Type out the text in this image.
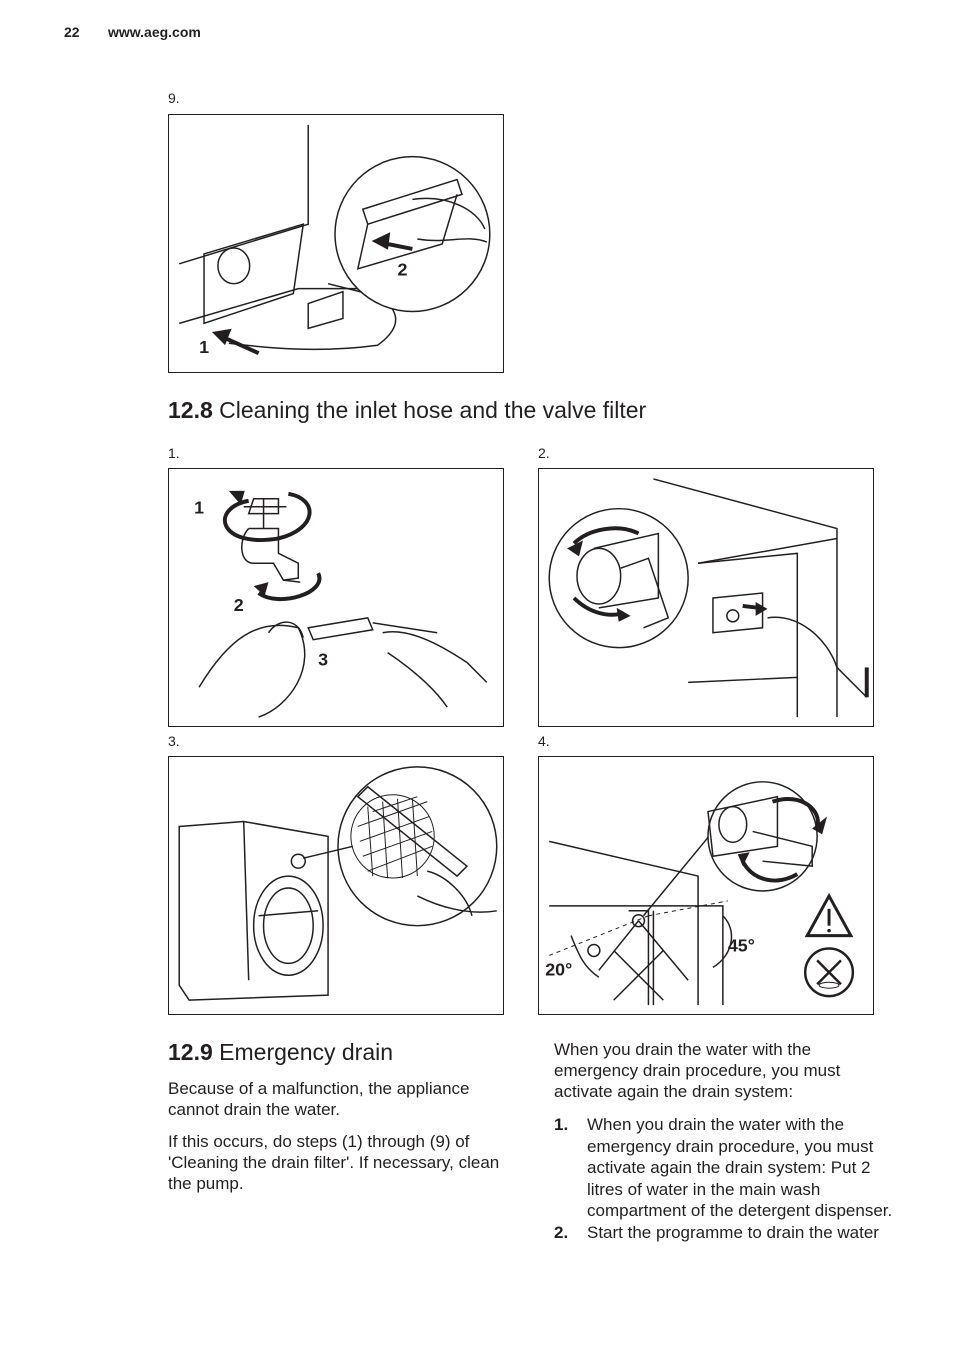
22 www.aeg.com
9.
2
1
12.8 Cleaning the inlet hose and the valve filter
1.
1
2
3
2.
3.	4.
20°
45°
12.9 Emergency drain

Because of a malfunction, the appliance cannot drain the water.

If this occurs, do steps (1) through (9) of 'Cleaning the drain filter'. If necessary, clean the pump.

When you drain the water with the emergency drain procedure, you must activate again the drain system:

1. When you drain the water with the emergency drain procedure, you must activate again the drain system: Put 2 litres of water in the main wash compartment of the detergent dispenser.
2. Start the programme to drain the water
